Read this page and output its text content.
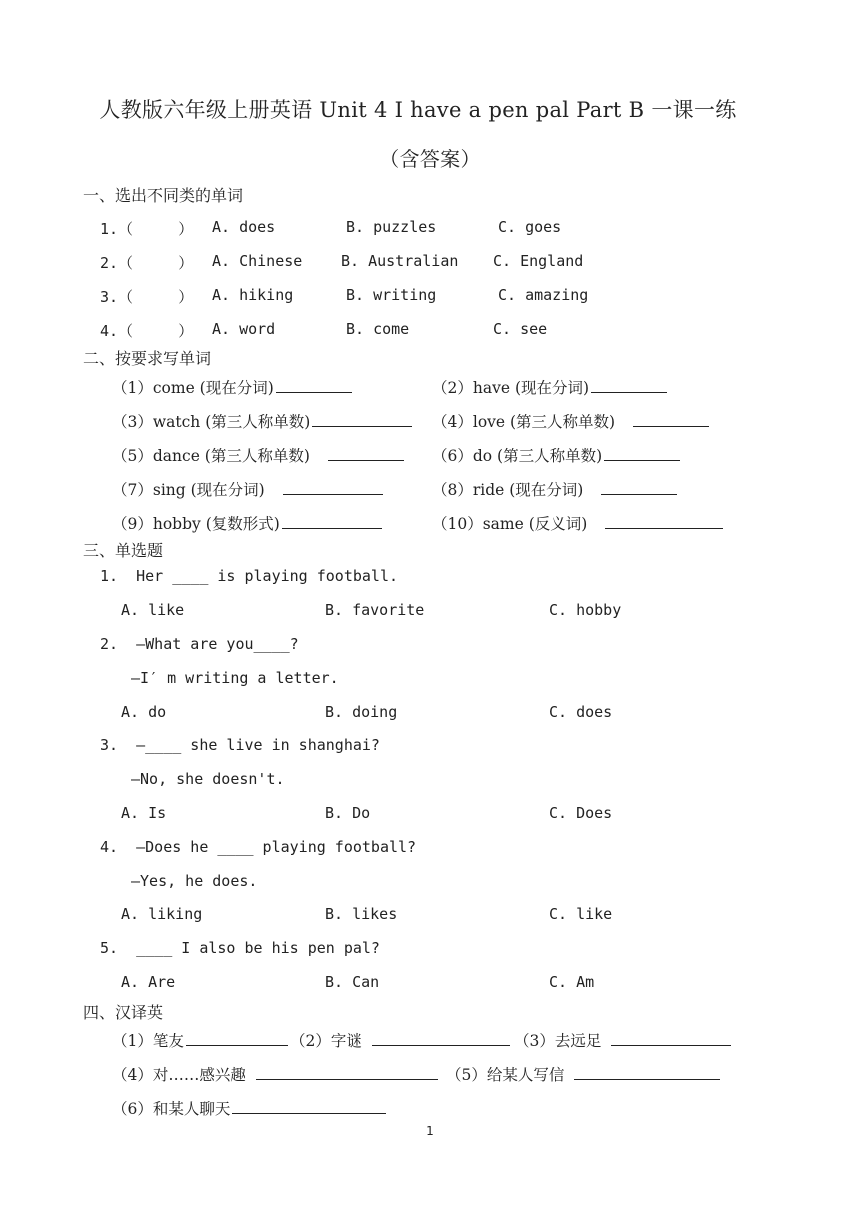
人教版六年级上册英语 Unit 4 I have a pen pal Part B 一课一练
（含答案）
一、选出不同类的单词
1.（     ） A. does	B. puzzles	C. goes
2.（     ） A. Chinese	B. Australian C. England
3.（     ） A. hiking	B. writing	C. amazing
4.（     ） A. word	B. come	C. see
二、按要求写单词
（1）come (现在分词)	（2）have (现在分词)
（3）watch (第三人称单数)	（4）love (第三人称单数)
（5）dance (第三人称单数)	（6）do (第三人称单数)
（7）sing (现在分词)	（8）ride (现在分词)
（9）hobby (复数形式)	（10）same (反义词)
三、单选题
1.  Her ____ is playing football.
A. like	B. favorite	C. hobby
2.  —What are you____?
—I′ m writing a letter.
A. do	B. doing	C. does
3.  —____ she live in shanghai?
—No, she doesn't.
A. Is	B. Do	C. Does
4.  —Does he ____ playing football?
—Yes, he does.
A. liking	B. likes	C. like
5.  ____ I also be his pen pal?
A. Are	B. Can	C. Am
四、汉译英
（1）笔友	（2）字谜	（3）去远足
（4）对……感兴趣	（5）给某人写信
（6）和某人聊天
1
